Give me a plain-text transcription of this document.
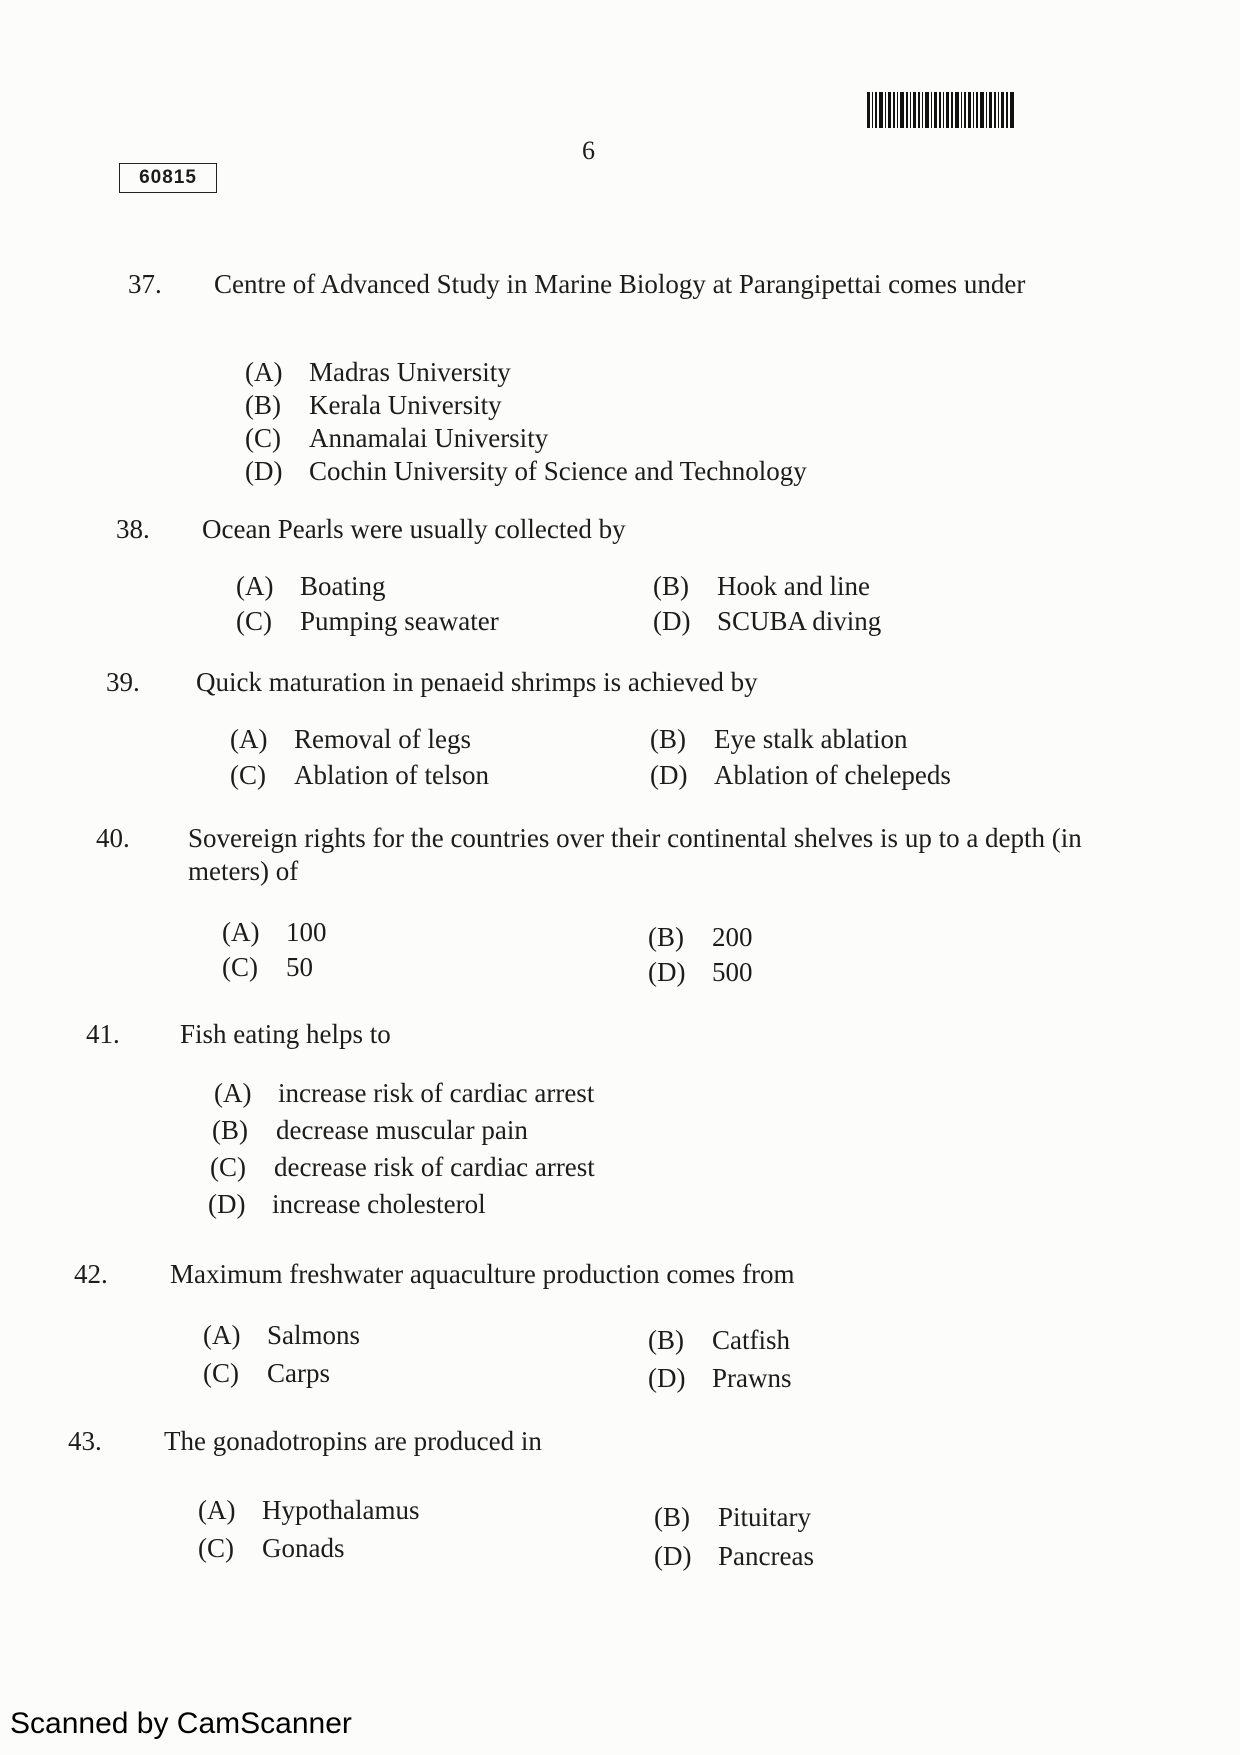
6
60815
37. Centre of Advanced Study in Marine Biology at Parangipettai comes under
(A) Madras University
(B) Kerala University
(C) Annamalai University
(D) Cochin University of Science and Technology
38. Ocean Pearls were usually collected by
(A) Boating	(B) Hook and line
(C) Pumping seawater	(D) SCUBA diving
39. Quick maturation in penaeid shrimps is achieved by
(A) Removal of legs	(B) Eye stalk ablation
(C) Ablation of telson	(D) Ablation of chelepeds
40. Sovereign rights for the countries over their continental shelves is up to a depth (in meters) of
(A) 100	(B) 200
(C) 50	(D) 500
41. Fish eating helps to
(A) increase risk of cardiac arrest
(B) decrease muscular pain
(C) decrease risk of cardiac arrest
(D) increase cholesterol
42. Maximum freshwater aquaculture production comes from
(A) Salmons	(B) Catfish
(C) Carps	(D) Prawns
43. The gonadotropins are produced in
(A) Hypothalamus	(B) Pituitary
(C) Gonads	(D) Pancreas
Scanned by CamScanner
